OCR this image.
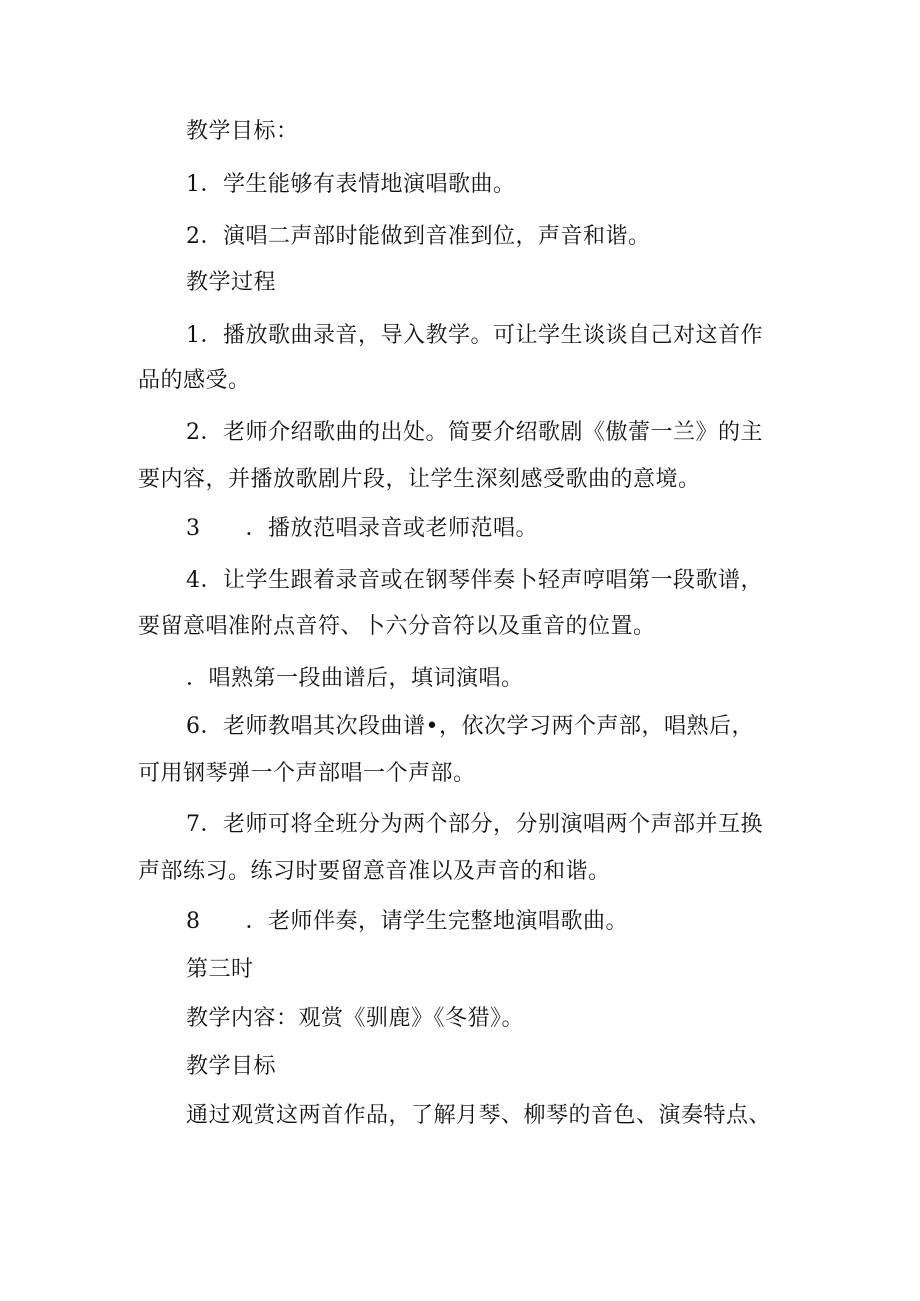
教学目标：
1．学生能够有表情地演唱歌曲。
2．演唱二声部时能做到音准到位，声音和谐。
教学过程
1．播放歌曲录音，导入教学。可让学生谈谈自己对这首作
品的感受。
2．老师介绍歌曲的出处。简要介绍歌剧《傲蕾一兰》的主
要内容，并播放歌剧片段，让学生深刻感受歌曲的意境。
3　　．播放范唱录音或老师范唱。
4．让学生跟着录音或在钢琴伴奏卜轻声哼唱第一段歌谱，
要留意唱准附点音符、卜六分音符以及重音的位置。
．唱熟第一段曲谱后，填词演唱。
6．老师教唱其次段曲谱•，依次学习两个声部，唱熟后，
可用钢琴弹一个声部唱一个声部。
7．老师可将全班分为两个部分，分别演唱两个声部并互换
声部练习。练习时要留意音准以及声音的和谐。
8　　．老师伴奏，请学生完整地演唱歌曲。
第三时
教学内容：观赏《驯鹿》《冬猎》。
教学目标
通过观赏这两首作品，了解月琴、柳琴的音色、演奏特点、
